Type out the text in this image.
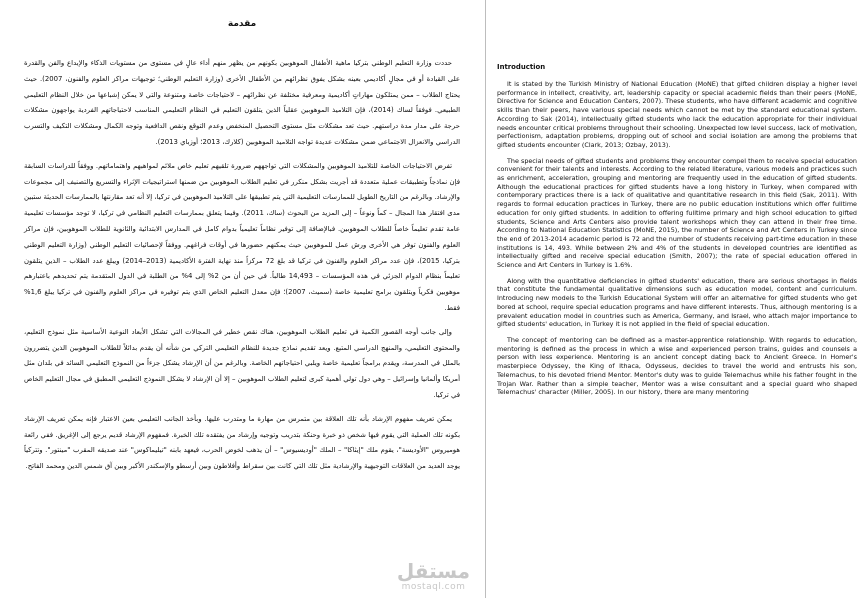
مقدمة

حددت وزارة التعليم الوطني بتركيا ماهية الأطفال الموهوبين بكونهم من يظهر منهم أداء عالٍ في مستوى من مستويات الذكاء والإبداع والفن والقدرة على القيادة أو في مجالٍ أكاديمي بعينه بشكل يفوق نظرائهم من الأطفال الأخرى (وزارة التعليم الوطني؛ توجيهات مراكز العلوم والفنون، 2007). حيث يحتاج الطلاب – ممن يمتلكون مهاراتٍ أكاديمية ومعرفية مختلفة عن نظرائهم – لاحتياجات خاصة ومتنوعة والتي لا يمكن إشباعها من خلال النظام التعليمي الطبيعي. فوفقاً لساك (2014)، فإن التلاميذ الموهوبين عقلياً الذين يتلقون التعليم في النظام التعليمي المناسب لاحتياجاتهم الفردية يواجهون مشكلات حرجة على مدار مدة دراستهم. حيث تعد مشكلات مثل مستوى التحصيل المنخفض وعدم التوقع ونقص الدافعية وتوجه الكمال ومشكلات التكيف والتسرب الدراسي والانعزال الاجتماعي ضمن مشكلات عديدة تواجه التلاميذ الموهوبين (كلارك، 2013؛ أوزباي 2013).

تفرض الاحتياجات الخاصة للتلاميذ الموهوبين والمشكلات التي تواجههم ضرورة تلقيهم تعليم خاص ملائم لمواهبهم واهتماماتهم. ووفقاً للدراسات السابقة فإن نماذجاً وتطبيقات عملية متعددة قد أجريت بشكل منكرر في تعليم الطلاب الموهوبين من ضمنها استراتيجيات الإثراء والتسريع والتصنيف إلى مجموعات والإرشاد. وبالرغم من التاريخ الطويل للممارسات التعليمية التي يتم تطبيقها على التلاميذ الموهوبين في تركيا، إلا أنه تعد مقارنتها بالممارسات الحديثة ستبين مدى افتقار هذا المجال – كماً ونوعاً – إلى المزيد من البحوث (ساك، 2011). وفيما يتعلق بممارسات التعليم النظامي في تركيا، لا توجد مؤسسات تعليمية عامة تقدم تعليماً خاصاً للطلاب الموهوبين. فبالإضافة إلى توفير نظاماً تعليمياً بدوام كامل في المدارس الابتدائية والثانوية للطلاب الموهوبين، فإن مراكز العلوم والفنون توفر هي الأخرى ورش عمل للموهوبين حيث يمكنهم حضورها في أوقات فراغهم. ووفقاً لإحصائيات التعليم الوطني (وزارة التعليم الوطني بتركيا، 2015)، فإن عدد مراكز العلوم والفنون في تركيا قد بلغ 72 مركزاً منذ نهاية الفترة الأكاديمية (2013–2014) ويبلغ عدد الطلاب – الذين يتلقون تعليماً بنظام الدوام الجزئي في هذه المؤسسات – 14,493 طالباً. في حين أن من 2% إلى 4% من الطلبة في الدول المتقدمة يتم تحديدهم باعتبارهم موهوبين فكرياً ويتلقون برامج تعليمية خاصة (سميث، 2007)؛ فإن معدل التعليم الخاص الذي يتم توفيره في مراكز العلوم والفنون في تركيا يبلغ 1,6% فقط.

وإلى جانب أوجه القصور الكمية في تعليم الطلاب الموهوبين، هناك نقص خطير في المجالات التي تشكل الأبعاد النوعية الأساسية مثل نموذج التعليم، والمحتوى التعليمي، والمنهج الدراسي المتبع. ويعد تقديم نماذج جديدة للنظام التعليمي التركي من شأنه أن يقدم بدائلاً للطلاب الموهوبين الذين يتضررون بالملل في المدرسة، ويقدم برامجاً تعليمية خاصة ويلبي احتياجاتهم الخاصة. وبالرغم من أن الإرشاد يشكل جزءاً من النموذج التعليمي السائد في بلدان مثل أمريكا وألمانيا وإسرائيل – وهي دول تولي أهمية كبرى لتعليم الطلاب الموهوبين – إلا أن الإرشاد لا يشكل النموذج التعليمي المطبق في مجال التعليم الخاص في تركيا.

يمكن تعريف مفهوم الإرشاد بأنه تلك العلاقة بين متمرس من مهارة ما ومتدرب عليها. وبأخذ الجانب التعليمي بعين الاعتبار فإنه يمكن تعريف الإرشاد بكونه تلك العملية التي يقوم فيها شخص ذو خبرة وحنكة بتدريب وتوجيه وإرشاد من يفتقده تلك الخبرة. فمفهوم الإرشاد قديم يرجع إلى الإغريق. ففي رائعة هوميروس "الأوديسة"، يقوم ملك "إيثاكا" – الملك "أوديسيوس" – أن يذهب لخوض الحرب، فيعهد بابنه "تيليماكوس" عند صديقه المقرب "مينتور". وتتركياً يوجد العديد من العلاقات التوجيهية والإرشادية مثل تلك التي كانت بين سقراط وأفلاطون وبين أرسطو والإسكندر الأكبر وبين آق شمس الدين ومحمد الفاتح.

Introduction

It is stated by the Turkish Ministry of National Education (MoNE) that gifted children display a higher level performance in intellect, creativity, art, leadership capacity or special academic fields than their peers (MoNE, Directive for Science and Education Centers, 2007). These students, who have different academic and cognitive skills than their peers, have various special needs which cannot be met by the standard educational system. According to Sak (2014), intellectually gifted students who lack the education appropriate for their individual needs encounter critical problems throughout their schooling. Unexpected low level success, lack of motivation, perfectionism, adaptation problems, dropping out of school and social isolation are among the problems that gifted students encounter (Clark, 2013; Ozbay, 2013).

The special needs of gifted students and problems they encounter compel them to receive special education convenient for their talents and interests. According to the related literature, various models and practices such as enrichment, acceleration, grouping and mentoring are frequently used in the education of gifted students. Although the educational practices for gifted students have a long history in Turkey, when compared with contemporary practices there is a lack of qualitative and quantitative research in this field (Sak, 2011). With regards to formal education practices in Turkey, there are no public education institutions which offer fulltime education for only gifted students. In addition to offering fulltime primary and high school education to gifted students, Science and Arts Centers also provide talent workshops which they can attend in their free time. According to National Education Statistics (MoNE, 2015), the number of Science and Art Centers in Turkey since the end of 2013-2014 academic period is 72 and the number of students receiving part-time education in these institutions is 14, 493. While between 2% and 4% of the students in developed countries are identified as intellectually gifted and receive special education (Smith, 2007); the rate of special education offered in Science and Art Centers in Turkey is 1.6%.

Along with the quantitative deficiencies in gifted students' education, there are serious shortages in fields that constitute the fundamental qualitative dimensions such as education model, content and curriculum. Introducing new models to the Turkish Educational System will offer an alternative for gifted students who get bored at school, require special education programs and have different interests. Thus, although mentoring is a prevalent education model in countries such as America, Germany, and Israel, who attach major importance to gifted students' education, in Turkey it is not applied in the field of special education.

The concept of mentoring can be defined as a master-apprentice relationship. With regards to education, mentoring is defined as the process in which a wise and experienced person trains, guides and counsels a person with less experience. Mentoring is an ancient concept dating back to Ancient Greece. In Homer's masterpiece Odyssey, the King of Ithaca, Odysseus, decides to travel the world and entrusts his son, Telemachus, to his devoted friend Mentor. Mentor's duty was to guide Telemachus while his father fought in the Trojan War. Rather than a simple teacher, Mentor was a wise consultant and a special guard who shaped Telemachus' character (Miller, 2005). In our history, there are many mentoring

مستقل
mostaql.com
